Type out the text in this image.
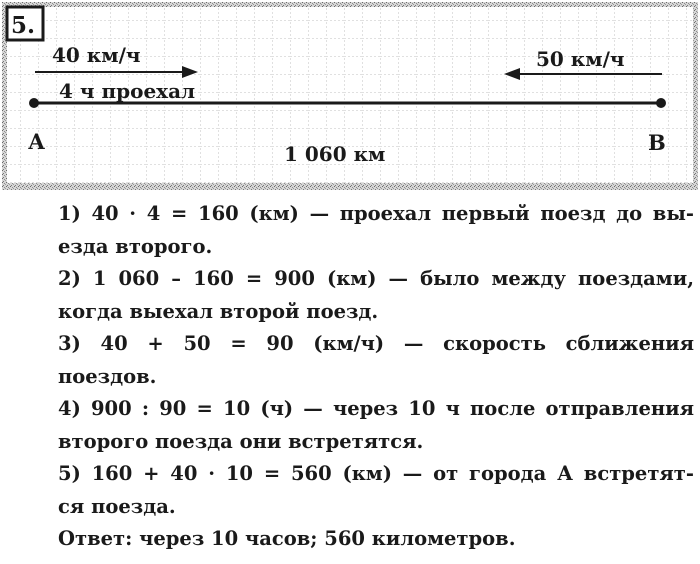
5.
40 км/ч	50 км/ч
4 ч проехал
А	В
1 060 км
1) 40 · 4 = 160 (км) — проехал первый поезд до вы-
езда второго.
2) 1 060 – 160 = 900 (км) — было между поездами,
когда выехал второй поезд.
3) 40 + 50 = 90 (км/ч) — скорость сближения
поездов.
4) 900 : 90 = 10 (ч) — через 10 ч после отправления
второго поезда они встретятся.
5) 160 + 40 · 10 = 560 (км) — от города А встретят-
ся поезда.
Ответ: через 10 часов; 560 километров.
